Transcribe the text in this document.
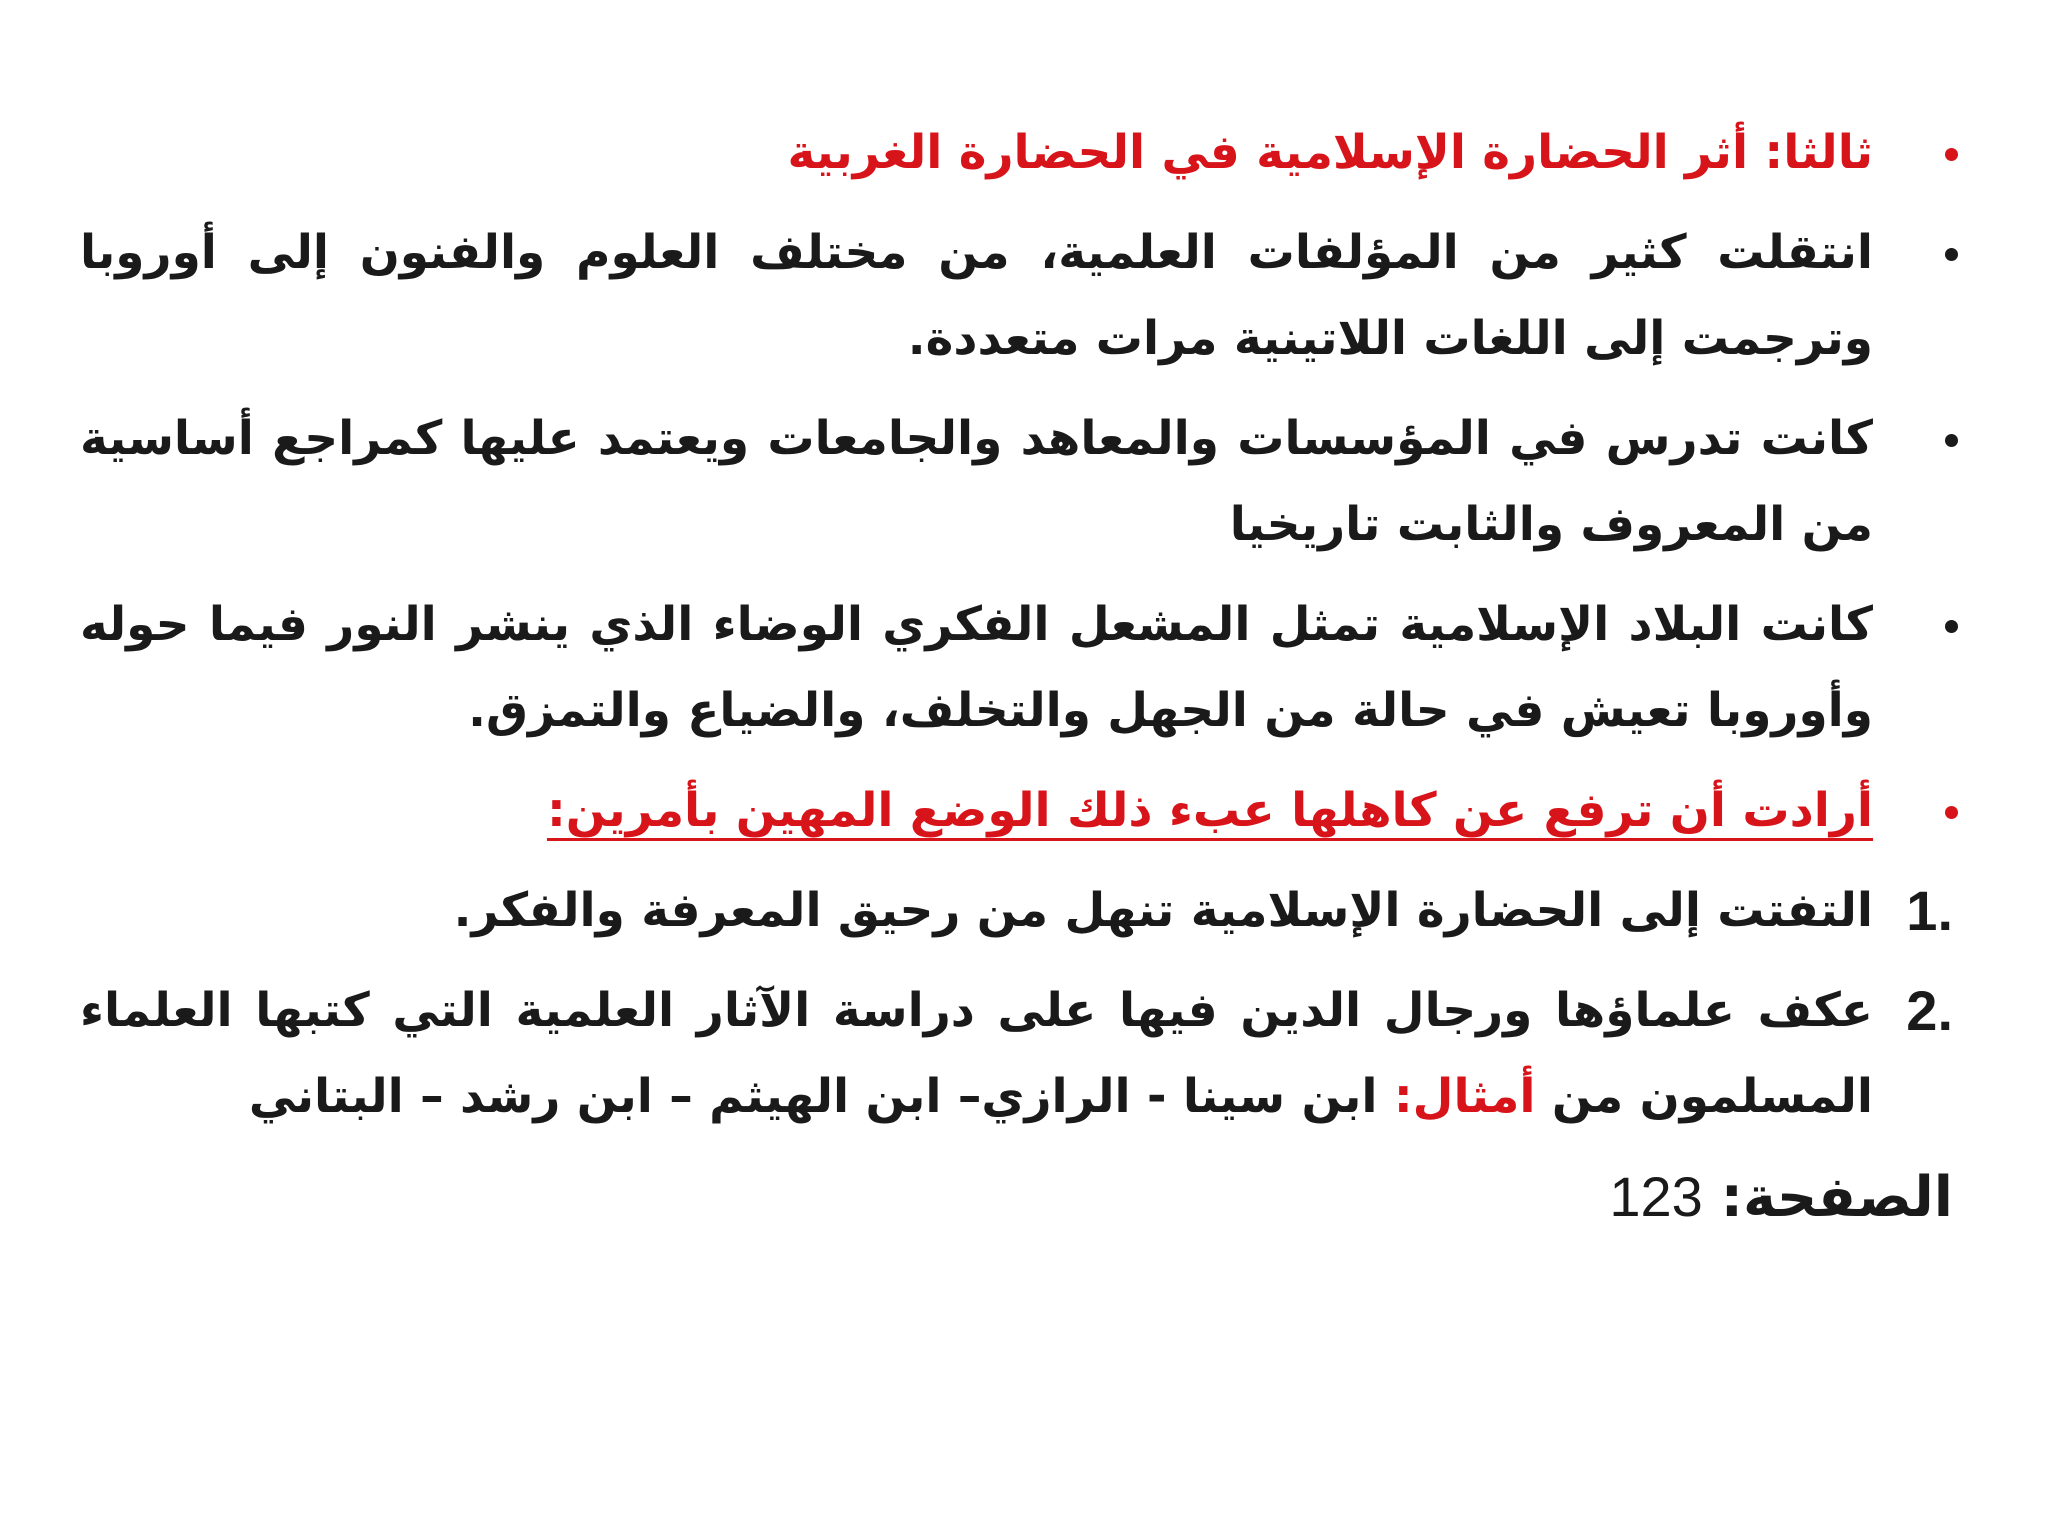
ثالثا: أثر الحضارة الإسلامية في الحضارة الغربية
انتقلت كثير من المؤلفات العلمية، من مختلف العلوم والفنون إلى أوروبا وترجمت إلى اللغات اللاتينية مرات متعددة.
كانت تدرس في المؤسسات والمعاهد والجامعات ويعتمد عليها كمراجع أساسية من المعروف والثابت تاريخيا
كانت البلاد الإسلامية تمثل المشعل الفكري الوضاء الذي ينشر النور فيما حوله وأوروبا تعيش في حالة من الجهل والتخلف، والضياع والتمزق.
أرادت أن ترفع عن كاهلها عبء ذلك الوضع المهين بأمرين:
1.
التفتت إلى الحضارة الإسلامية تنهل من رحيق المعرفة والفكر.
2.
عكف علماؤها ورجال الدين فيها على دراسة الآثار العلمية التي كتبها العلماء المسلمون من أمثال: ابن سينا - الرازي– ابن الهيثم – ابن رشد – البتاني
الصفحة: 123
